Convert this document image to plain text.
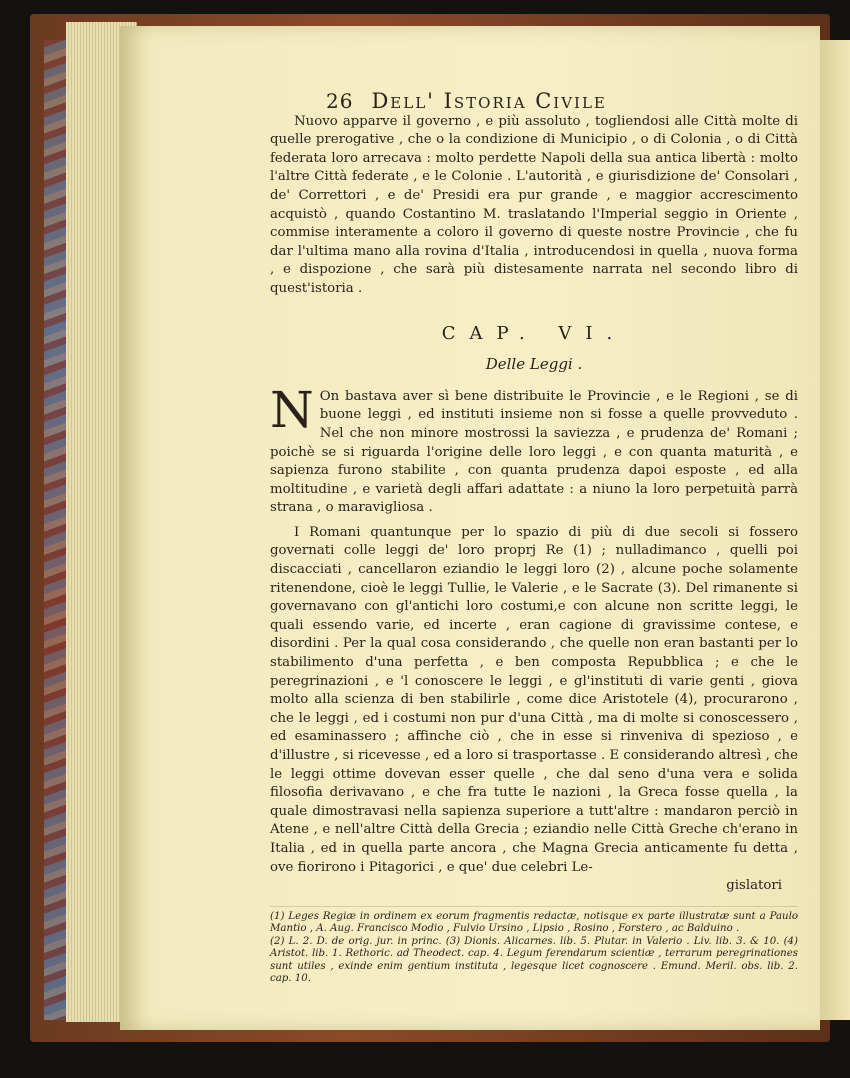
26 Dell' Istoria Civile

Nuovo apparve il governo , e più assoluto , togliendosi alle Città molte di quelle prerogative , che o la condizione di Municipio , o di Colonia , o di Città federata loro arrecava : molto perdette Napoli della sua antica libertà : molto l'altre Città federate , e le Colonie . L'autorità , e giurisdizione de' Consolari , de' Correttori , e de' Presidi era pur grande , e maggior accrescimento acquistò , quando Costantino M. traslatando l'Imperial seggio in Oriente , commise interamente a coloro il governo di queste nostre Provincie , che fu dar l'ultima mano alla rovina d'Italia , introducendosi in quella , nuova forma , e dispozione , che sarà più distesamente narrata nel secondo libro di quest'istoria .

CAP. VI.
Delle Leggi .
N On bastava aver sì bene distribuite le Provincie , e le Regioni , se di buone leggi , ed instituti insieme non si fosse a quelle provveduto . Nel che non minore mostrossi la saviezza , e prudenza de' Romani ; poichè se si riguarda l'origine delle loro leggi , e con quanta maturità , e sapienza furono stabilite , con quanta prudenza dapoi esposte , ed alla moltitudine , e varietà degli affari adattate : a niuno la loro perpetuità parrà strana , o maravigliosa .

I Romani quantunque per lo spazio di più di due secoli si fossero governati colle leggi de' loro proprj Re (1) ; nulladimanco , quelli poi discacciati , cancellaron eziandio le leggi loro (2) , alcune poche solamente ritenendone, cioè le leggi Tullie, le Valerie , e le Sacrate (3). Del rimanente si governavano con gl'antichi loro costumi,e con alcune non scritte leggi, le quali essendo varie, ed incerte , eran cagione di gravissime contese, e disordini . Per la qual cosa considerando , che quelle non eran bastanti per lo stabilimento d'una perfetta , e ben composta Repubblica ; e che le peregrinazioni , e 'l conoscere le leggi , e gl'instituti di varie genti , giova molto alla scienza di ben stabilirle , come dice Aristotele (4), procurarono , che le leggi , ed i costumi non pur d'una Città , ma di molte si conoscessero , ed esaminassero ; affinche ciò , che in esse si rinveniva di spezioso , e d'illustre , si ricevesse , ed a loro si trasportasse . E considerando altresì , che le leggi ottime dovevan esser quelle , che dal seno d'una vera e solida filosofia derivavano , e che fra tutte le nazioni , la Greca fosse quella , la quale dimostravasi nella sapienza superiore a tutt'altre : mandaron perciò in Atene , e nell'altre Città della Grecia ; eziandio nelle Città Greche ch'erano in Italia , ed in quella parte ancora , che Magna Grecia anticamente fu detta , ove fiorirono i Pitagorici , e que' due celebri Le-

gislatori

(1) Leges Regiæ in ordinem ex eorum fragmentis redactæ, notisque ex parte illustratæ sunt a Paulo Mantio , A. Aug. Francisco Modio , Fulvio Ursino , Lipsio , Rosino , Forstero , ac Balduino .

(2) L. 2. D. de orig. jur. in princ. (3) Dionis. Alicarnes. lib. 5. Plutar. in Valerio . Liv. lib. 3. & 10. (4) Aristot. lib. 1. Rethoric. ad Theodect. cap. 4. Legum ferendarum scientiæ , terrarum peregrinationes sunt utiles , exinde enim gentium instituta , legesque licet cognoscere . Emund. Meril. obs. lib. 2. cap. 10.
